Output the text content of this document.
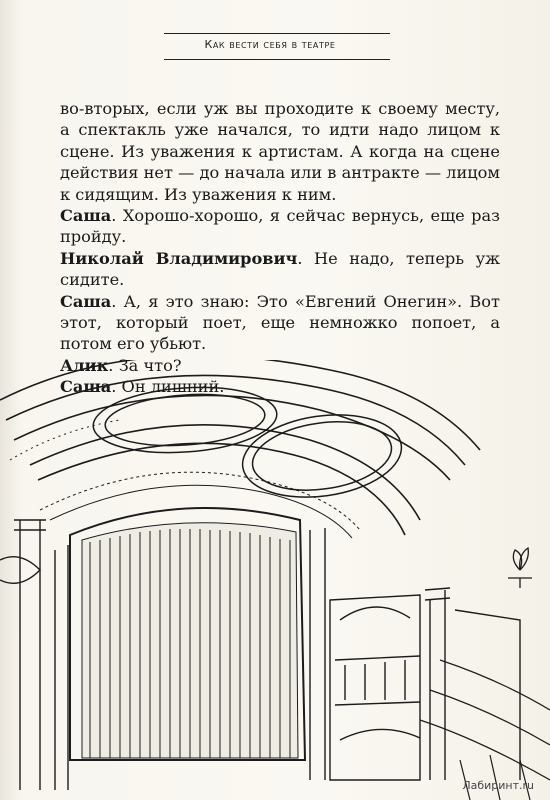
Как вести себя в театре

во-вторых, если уж вы проходите к своему месту, а спектакль уже начался, то идти надо лицом к сцене. Из уважения к артистам. А когда на сцене действия нет — до начала или в антракте — лицом к сидящим. Из уважения к ним.

Саша. Хорошо-хорошо, я сейчас вернусь, еще раз пройду.

Николай Владимирович. Не надо, теперь уж сидите.

Саша. А, я это знаю: Это «Евгений Онегин». Вот этот, который поет, еще немножко попоет, а потом его убьют.

Алик. За что?

Саша. Он лишний.

Лабиринт.ru
